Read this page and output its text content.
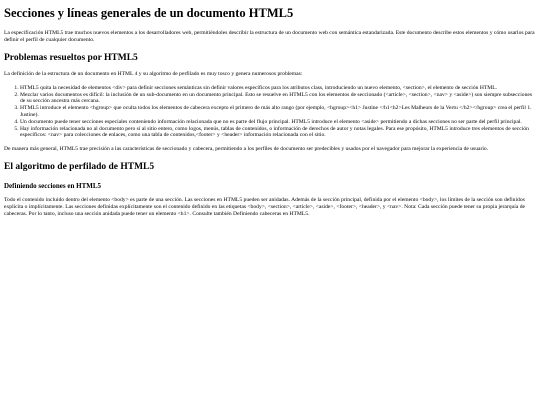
Secciones y líneas generales de un documento HTML5

La especificación HTML5 trae muchos nuevos elementos a los desarrolladores web, permitiéndoles describir la estructura de un documento web con semántica estandarizada. Este documento describe estos elementos y cómo usarlos para definir el perfil de cualquier documento.

Problemas resueltos por HTML5

La definición de la estructura de un documento en HTML 4 y su algoritmo de perfilado es muy tosco y genera numerosos problemas:

1. HTML5 quita la necesidad de elementos <div> para definir secciones semánticas sin definir valores específicos para los atributos class, introduciendo un nuevo elemento, <section>, el elemento de sección HTML.
2. Mezclar varios documentos es difícil: la inclusión de un sub-documento en un documento principal. Esto se resuelve en HTML5 con los elementos de seccionado (<article>, <section>, <nav> y <aside>) son siempre subsecciones de su sección ancestra más cercana.
3. HTML5 introduce el elemento <hgroup> que oculta todos los elementos de cabecera excepto el primero de más alto rango (por ejemplo, <hgroup><h1> Justine </h1<h2>Les Malheurs de la Vertu </h2></hgroup> crea el perfil 1. Justine).
4. Un documento puede tener secciones especiales conteniendo información relacionada que no es parte del flujo principal. HTML5 introduce el elemento <aside> permitiendo a dichas secciones no ser parte del perfil principal.
5. Hay información relacionada no al documento pero sí al sitio entero, como logos, menús, tablas de contenidos, o información de derechos de autor y notas legales. Para ese propósito, HTML5 introduce tres elementos de sección específicos: <nav> para colecciones de enlaces, como una tabla de contenidos,<footer> y <header> información relacionada con el sitio.

De manera más general, HTML5 trae precisión a las características de seccionado y cabecera, permitiendo a los perfiles de documento ser predecibles y usados por el navegador para mejorar la experiencia de usuario.

El algoritmo de perfilado de HTML5
Definiendo secciones en HTML5

Todo el contenido incluido dentro del elemento <body> es parte de una sección. Las secciones en HTML5 pueden ser anidadas. Además de la sección principal, definida por el elemento <body>, los límites de la sección son definidos explícita o implícitamente. Las secciones definidas explícitamente son el contenido definido en las etiquetas <body>, <section>, <article>, <aside>, <footer>, <header>, y <nav>. Nota: Cada sección puede tener su propia jerarquía de cabeceras. Por lo tanto, incluso una sección anidada puede tener un elemento <h1>. Consulte también Definiendo cabeceras en HTML5.
